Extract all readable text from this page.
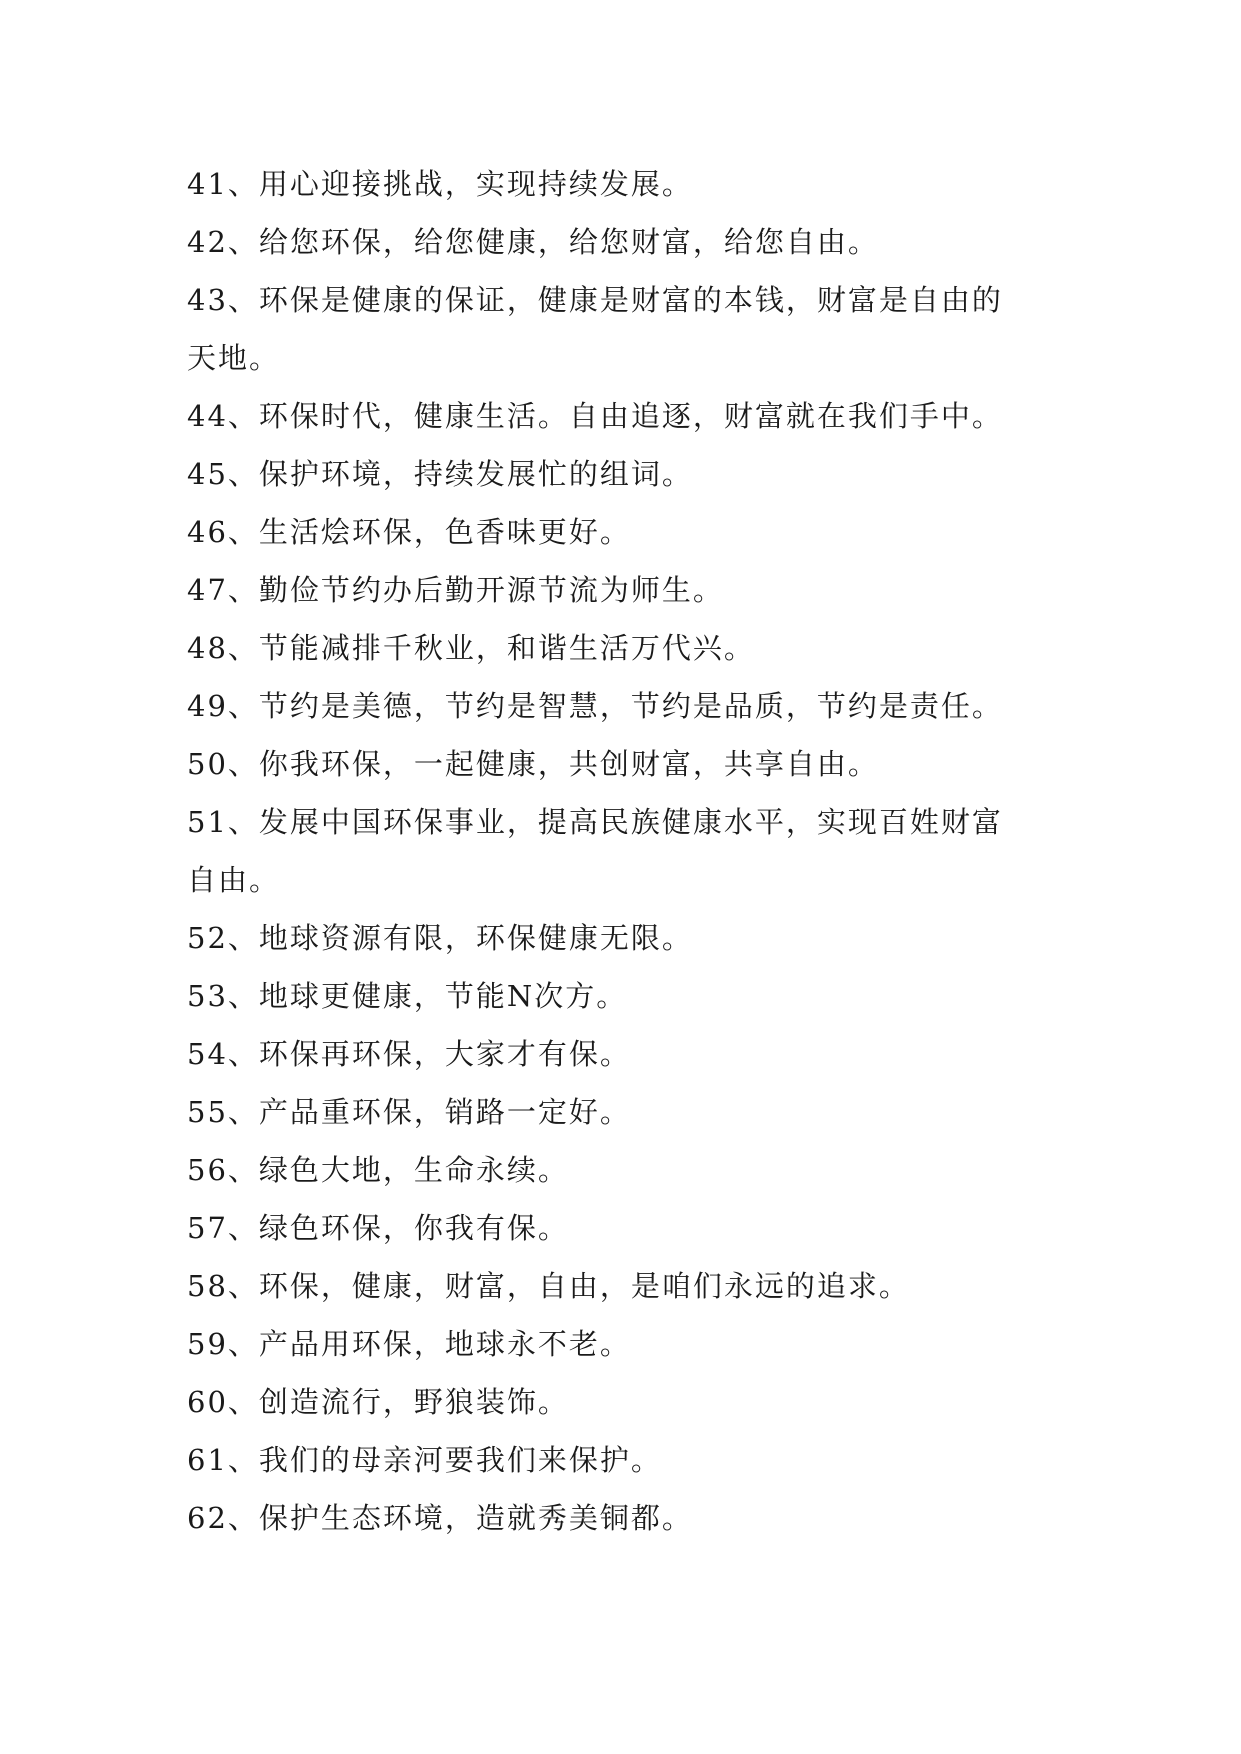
41、用心迎接挑战，实现持续发展。
42、给您环保，给您健康，给您财富，给您自由。
43、环保是健康的保证，健康是财富的本钱，财富是自由的
天地。
44、环保时代，健康生活。自由追逐，财富就在我们手中。
45、保护环境，持续发展忙的组词。
46、生活烩环保，色香味更好。
47、勤俭节约办后勤开源节流为师生。
48、节能减排千秋业，和谐生活万代兴。
49、节约是美德，节约是智慧，节约是品质，节约是责任。
50、你我环保，一起健康，共创财富，共享自由。
51、发展中国环保事业，提高民族健康水平，实现百姓财富
自由。
52、地球资源有限，环保健康无限。
53、地球更健康，节能N次方。
54、环保再环保，大家才有保。
55、产品重环保，销路一定好。
56、绿色大地，生命永续。
57、绿色环保，你我有保。
58、环保，健康，财富，自由，是咱们永远的追求。
59、产品用环保，地球永不老。
60、创造流行，野狼装饰。
61、我们的母亲河要我们来保护。
62、保护生态环境，造就秀美铜都。
